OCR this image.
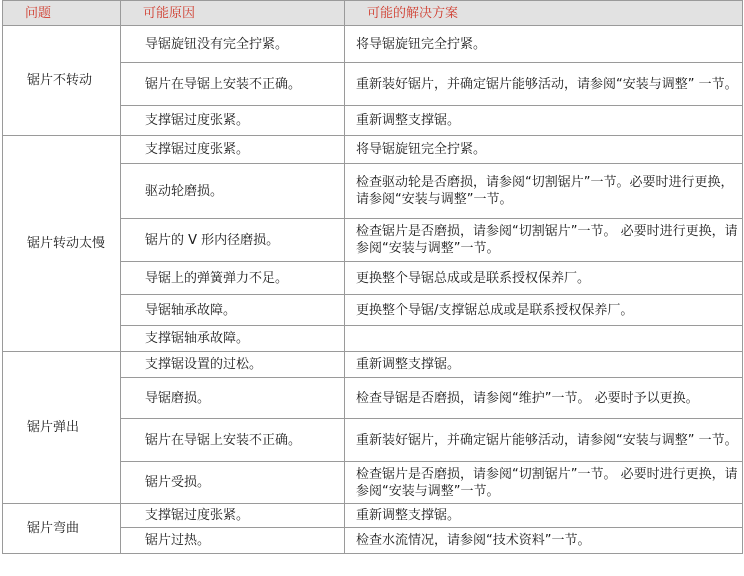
问题	可能原因	可能的解决方案
锯片不转动	导锯旋钮没有完全拧紧。	将导锯旋钮完全拧紧。
	锯片在导锯上安装不正确。	重新装好锯片，并确定锯片能够活动，请参阅“安装与调整” 一节。
	支撑锯过度张紧。	重新调整支撑锯。
锯片转动太慢	支撑锯过度张紧。	将导锯旋钮完全拧紧。
	驱动轮磨损。	检查驱动轮是否磨损，请参阅“切割锯片”一节。必要时进行更换，请参阅“安装与调整”一节。
	锯片的 V 形内径磨损。	检查锯片是否磨损，请参阅“切割锯片”一节。 必要时进行更换，请参阅“安装与调整”一节。
	导锯上的弹簧弹力不足。	更换整个导锯总成或是联系授权保养厂。
	导锯轴承故障。	更换整个导锯/支撑锯总成或是联系授权保养厂。
	支撑锯轴承故障。	
锯片弹出	支撑锯设置的过松。	重新调整支撑锯。
	导锯磨损。	检查导锯是否磨损，请参阅“维护”一节。 必要时予以更换。
	锯片在导锯上安装不正确。	重新装好锯片，并确定锯片能够活动，请参阅“安装与调整” 一节。
	锯片受损。	检查锯片是否磨损，请参阅“切割锯片”一节。 必要时进行更换，请参阅“安装与调整”一节。
锯片弯曲	支撑锯过度张紧。	重新调整支撑锯。
	锯片过热。	检查水流情况，请参阅“技术资料”一节。
